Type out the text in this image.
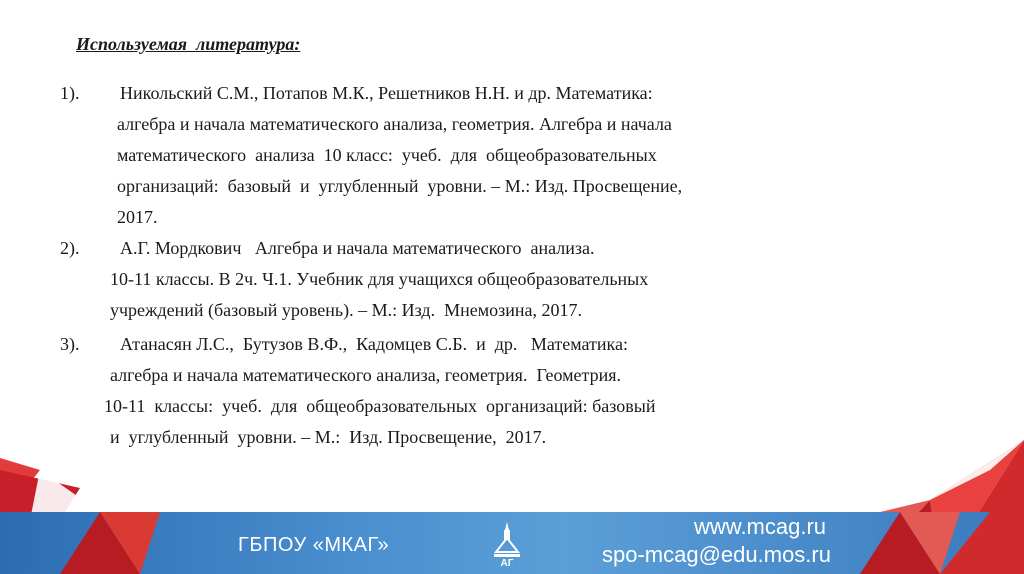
Используемая  литература:
1). Никольский С.М., Потапов М.К., Решетников Н.Н. и др. Математика:
алгебра и начала математического анализа, геометрия. Алгебра и начала
математического  анализа  10 класс:  учеб.  для  общеобразовательных
организаций:  базовый  и  углубленный  уровни. – М.: Изд. Просвещение,
2017.
2). А.Г. Мордкович   Алгебра и начала математического  анализа.
10-11 классы. В 2ч. Ч.1. Учебник для учащихся общеобразовательных
учреждений (базовый уровень). – М.: Изд.  Мнемозина, 2017.
3). Атанасян Л.С.,  Бутузов В.Ф.,  Кадомцев С.Б.  и  др.   Математика:
алгебра и начала математического анализа, геометрия.  Геометрия.
10-11  классы:  учеб.  для  общеобразовательных  организаций: базовый
и  углубленный  уровни. – М.:  Изд. Просвещение,  2017.
ГБПОУ «МКАГ»
АГ
www.mcag.ru
spo-mcag@edu.mos.ru
